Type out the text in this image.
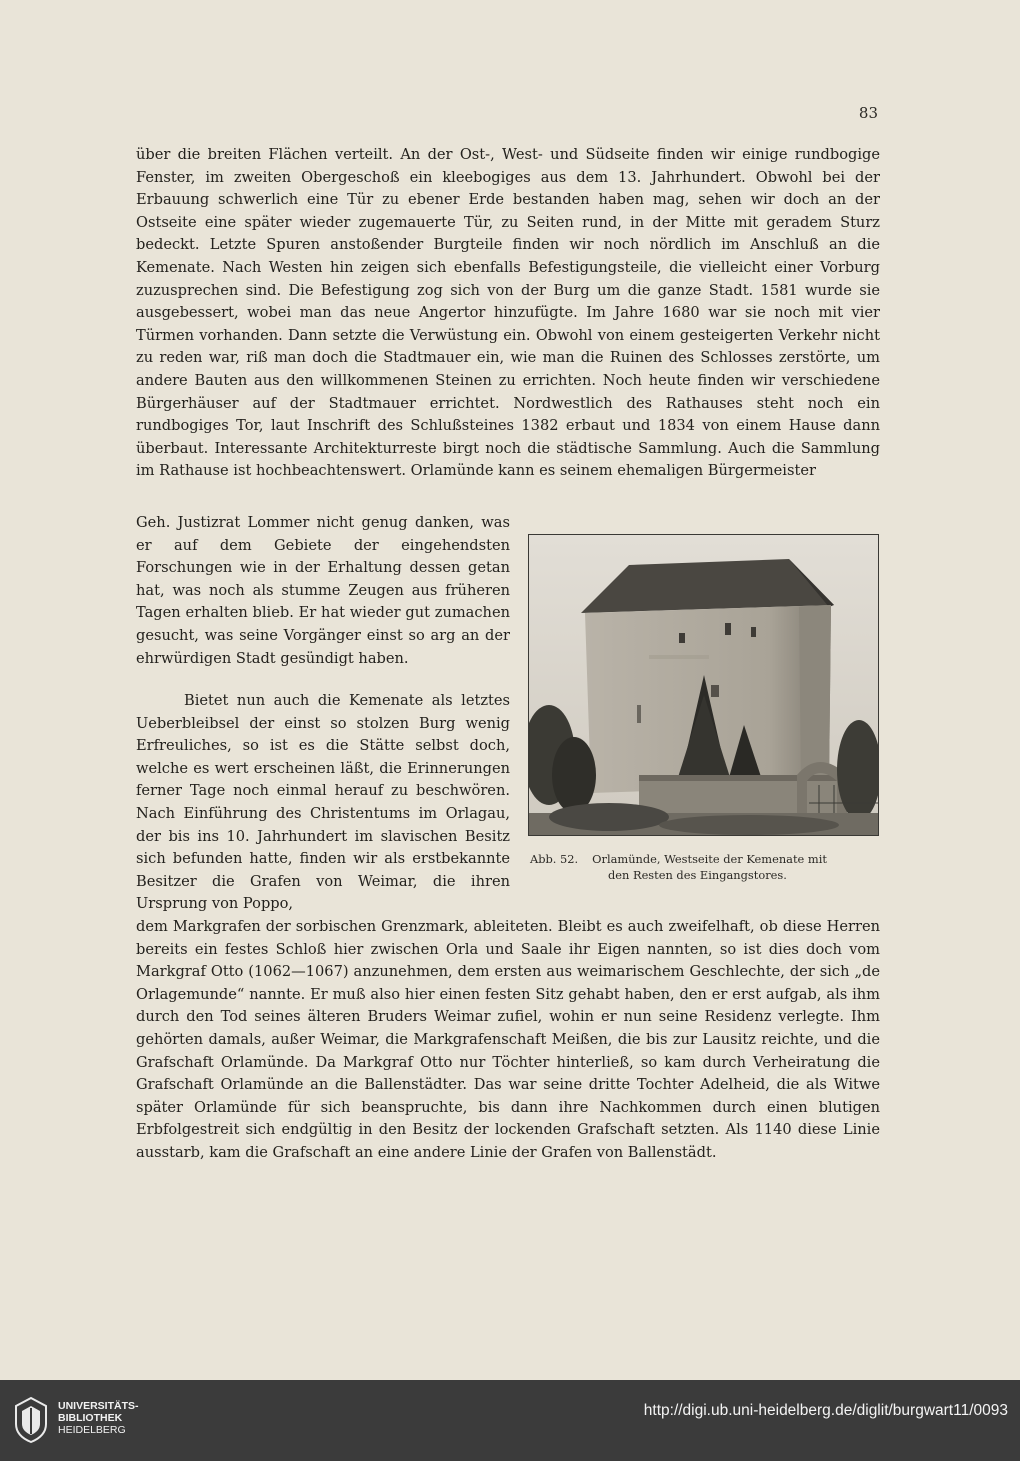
83

über die breiten Flächen verteilt. An der Ost-, West- und Südseite finden wir einige rundbogige Fenster, im zweiten Obergeschoß ein kleebogiges aus dem 13. Jahrhundert. Obwohl bei der Erbauung schwerlich eine Tür zu ebener Erde bestanden haben mag, sehen wir doch an der Ostseite eine später wieder zugemauerte Tür, zu Seiten rund, in der Mitte mit geradem Sturz bedeckt. Letzte Spuren anstoßender Burgteile finden wir noch nördlich im Anschluß an die Kemenate. Nach Westen hin zeigen sich ebenfalls Befestigungsteile, die vielleicht einer Vorburg zuzusprechen sind. Die Befestigung zog sich von der Burg um die ganze Stadt. 1581 wurde sie ausgebessert, wobei man das neue Angertor hinzufügte. Im Jahre 1680 war sie noch mit vier Türmen vorhanden. Dann setzte die Verwüstung ein. Obwohl von einem gesteigerten Verkehr nicht zu reden war, riß man doch die Stadtmauer ein, wie man die Ruinen des Schlosses zerstörte, um andere Bauten aus den willkommenen Steinen zu errichten. Noch heute finden wir verschiedene Bürgerhäuser auf der Stadtmauer errichtet. Nordwestlich des Rathauses steht noch ein rundbogiges Tor, laut Inschrift des Schlußsteines 1382 erbaut und 1834 von einem Hause dann überbaut. Interessante Architekturreste birgt noch die städtische Sammlung. Auch die Sammlung im Rathause ist hochbeachtenswert. Orlamünde kann es seinem ehemaligen Bürgermeister

Geh. Justizrat Lommer nicht genug danken, was er auf dem Gebiete der eingehendsten Forschungen wie in der Erhaltung dessen getan hat, was noch als stumme Zeugen aus früheren Tagen erhalten blieb. Er hat wieder gut zumachen gesucht, was seine Vorgänger einst so arg an der ehrwürdigen Stadt gesündigt haben.

Bietet nun auch die Kemenate als letztes Ueberbleibsel der einst so stolzen Burg wenig Erfreuliches, so ist es die Stätte selbst doch, welche es wert erscheinen läßt, die Erinnerungen ferner Tage noch einmal herauf zu beschwören. Nach Einführung des Christentums im Orlagau, der bis ins 10. Jahrhundert im slavischen Besitz sich befunden hatte, finden wir als erstbekannte Besitzer die Grafen von Weimar, die ihren Ursprung von Poppo,

Abb. 52. Orlamünde, Westseite der Kemenate mit
den Resten des Eingangstores.

dem Markgrafen der sorbischen Grenzmark, ableiteten. Bleibt es auch zweifelhaft, ob diese Herren bereits ein festes Schloß hier zwischen Orla und Saale ihr Eigen nannten, so ist dies doch vom Markgraf Otto (1062—1067) anzunehmen, dem ersten aus weimarischem Geschlechte, der sich „de Orlagemunde“ nannte. Er muß also hier einen festen Sitz gehabt haben, den er erst aufgab, als ihm durch den Tod seines älteren Bruders Weimar zufiel, wohin er nun seine Residenz verlegte. Ihm gehörten damals, außer Weimar, die Markgrafenschaft Meißen, die bis zur Lausitz reichte, und die Grafschaft Orlamünde. Da Markgraf Otto nur Töchter hinterließ, so kam durch Verheiratung die Grafschaft Orlamünde an die Ballenstädter. Das war seine dritte Tochter Adelheid, die als Witwe später Orlamünde für sich beanspruchte, bis dann ihre Nachkommen durch einen blutigen Erbfolgestreit sich endgültig in den Besitz der lockenden Grafschaft setzten. Als 1140 diese Linie ausstarb, kam die Grafschaft an eine andere Linie der Grafen von Ballenstädt.

UNIVERSITÄTS-
BIBLIOTHEK
HEIDELBERG
http://digi.ub.uni-heidelberg.de/diglit/burgwart11/0093
